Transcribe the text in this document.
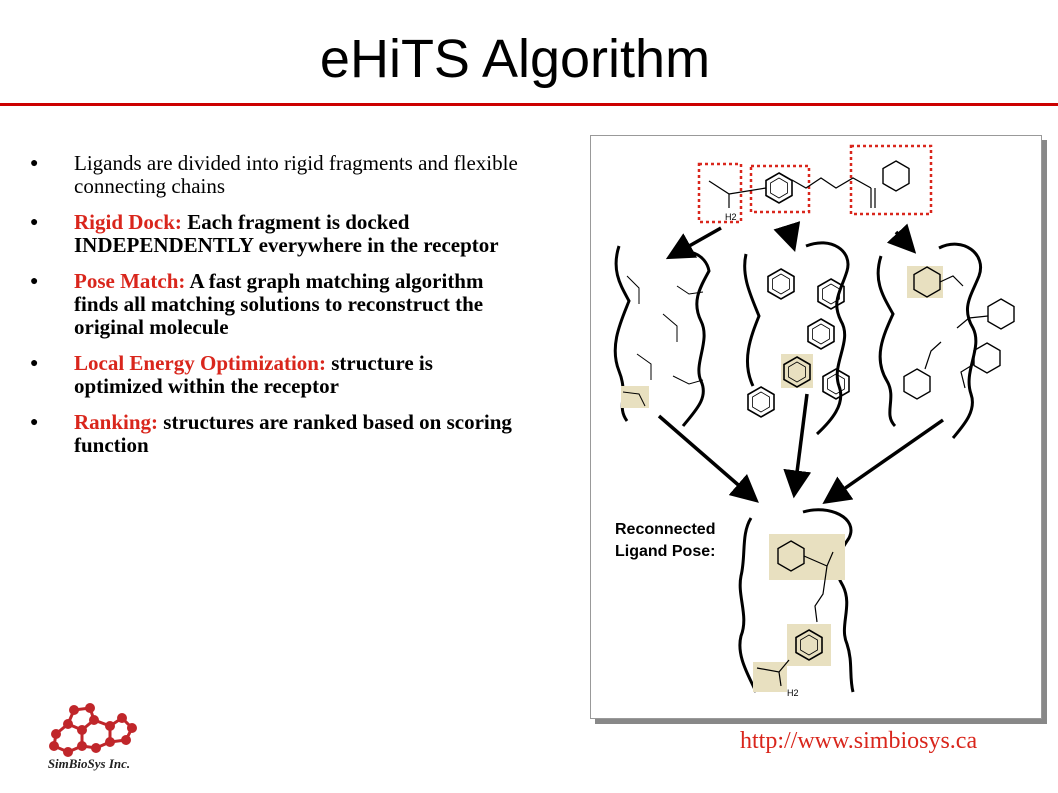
eHiTS Algorithm
● Ligands are divided into rigid fragments and flexible connecting chains
● Rigid Dock: Each fragment is docked INDEPENDENTLY everywhere in the receptor
● Pose Match: A fast graph matching algorithm finds all matching solutions to reconstruct the original molecule
● Local Energy Optimization: structure is optimized within the receptor
● Ranking: structures are ranked based on scoring function
H2
Reconnected
Ligand Pose:
H2
http://www.simbiosys.ca
SimBioSys Inc.
